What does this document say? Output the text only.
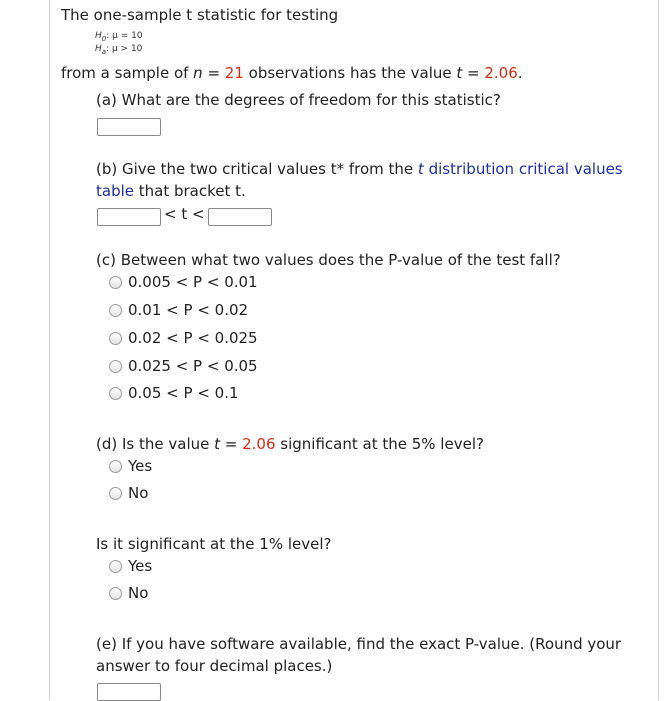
The one-sample t statistic for testing
$H_0$: μ = 10
$H_a$: μ > 10
from a sample of n = 21 observations has the value t = 2.06.
(a) What are the degrees of freedom for this statistic?
(b) Give the two critical values t* from the t distribution critical values
table that bracket t.
< t <
(c) Between what two values does the P-value of the test fall?
0.005 < P < 0.01
0.01 < P < 0.02
0.02 < P < 0.025
0.025 < P < 0.05
0.05 < P < 0.1
(d) Is the value t = 2.06 significant at the 5% level?
Yes
No
Is it significant at the 1% level?
Yes
No
(e) If you have software available, find the exact P-value. (Round your
answer to four decimal places.)
